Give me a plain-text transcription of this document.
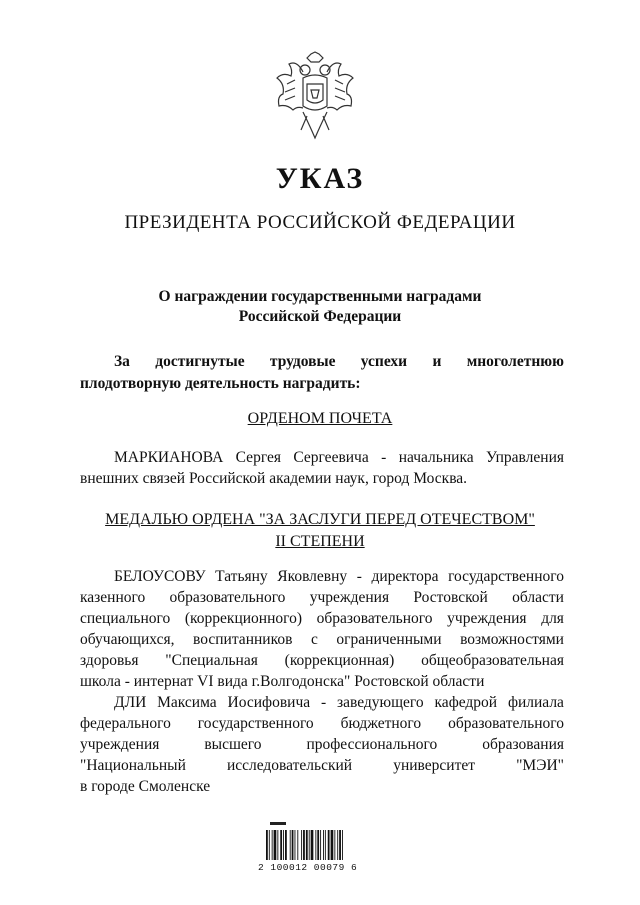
УКАЗ
ПРЕЗИДЕНТА РОССИЙСКОЙ ФЕДЕРАЦИИ
О награждении государственными наградами
Российской Федерации
За достигнутые трудовые успехи и многолетнюю
плодотворную деятельность наградить:
ОРДЕНОМ ПОЧЕТА
МАРКИАНОВА Сергея Сергеевича - начальника Управления
внешних связей Российской академии наук, город Москва.
МЕДАЛЬЮ ОРДЕНА "ЗА ЗАСЛУГИ ПЕРЕД ОТЕЧЕСТВОМ"
II СТЕПЕНИ
БЕЛОУСОВУ Татьяну Яковлевну - директора государственного
казенного образовательного учреждения Ростовской области
специального (коррекционного) образовательного учреждения для
обучающихся, воспитанников с ограниченными возможностями
здоровья "Специальная (коррекционная) общеобразовательная
школа - интернат VI вида г.Волгодонска" Ростовской области
ДЛИ Максима Иосифовича - заведующего кафедрой филиала
федерального государственного бюджетного образовательного
учреждения	высшего	профессионального	образования
"Национальный	исследовательский	университет	"МЭИ"
в городе Смоленске
2 100012 00079 6
